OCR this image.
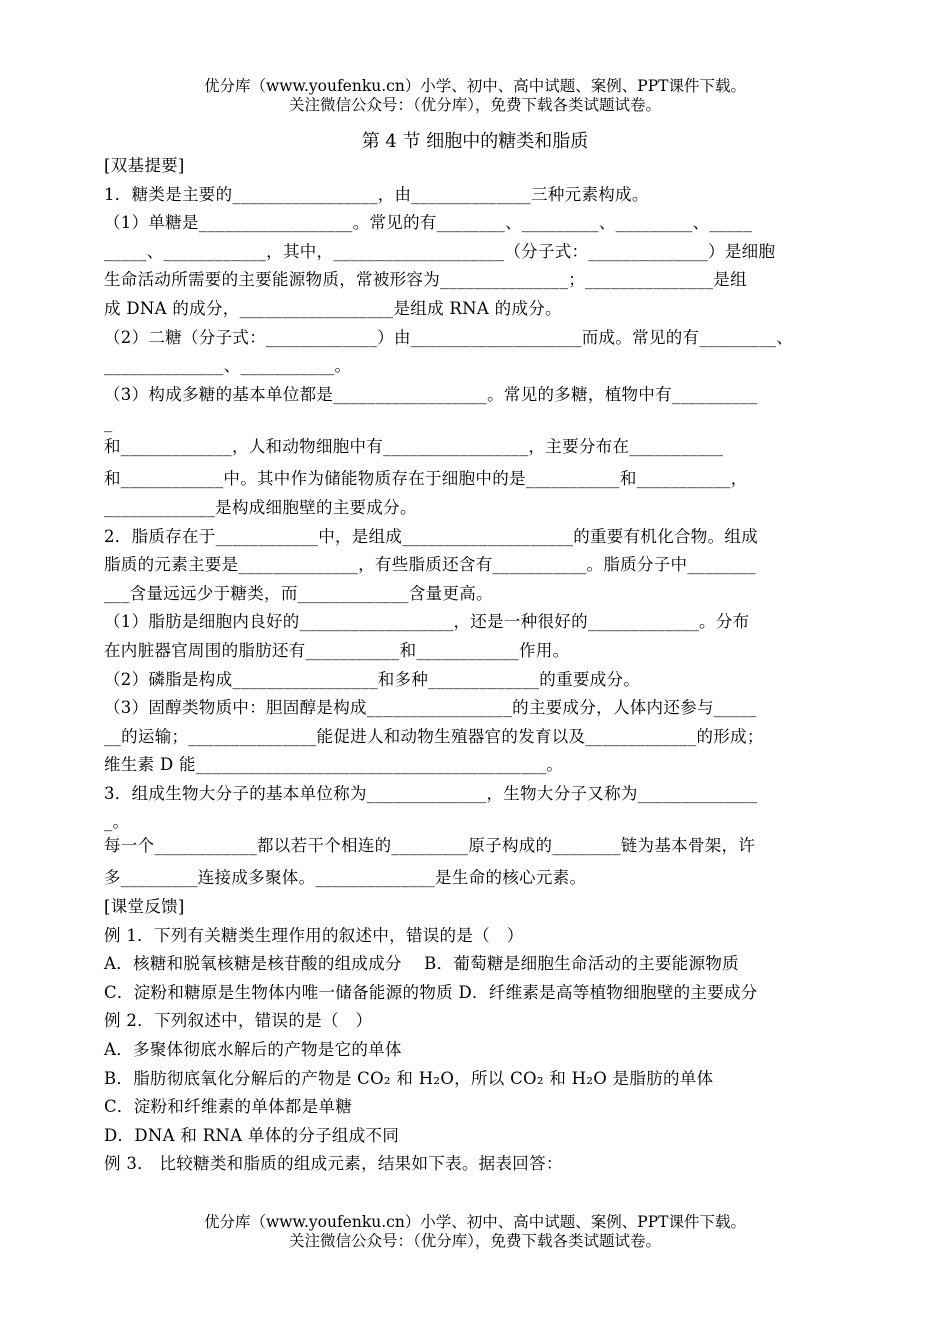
优分库（www.youfenku.cn）小学、初中、高中试题、案例、PPT课件下载。
关注微信公众号：（优分库），免费下载各类试题试卷。
第 4 节 细胞中的糖类和脂质
[双基提要]
1．糖类是主要的_________________，由______________三种元素构成。
（1）单糖是__________________。常见的有________、_________、_________、_____
_____、____________，其中，____________________（分子式：______________）是细胞
生命活动所需要的主要能源物质，常被形容为_______________；_______________是组
成 DNA 的成分，__________________是组成 RNA 的成分。
（2）二糖（分子式：_____________）由____________________而成。常见的有_________、
______________、___________。
（3）构成多糖的基本单位都是__________________。常见的多糖，植物中有__________
_
和_____________，人和动物细胞中有_________________，主要分布在___________
和____________中。其中作为储能物质存在于细胞中的是___________和___________，
_____________是构成细胞壁的主要成分。
2．脂质存在于____________中，是组成____________________的重要有机化合物。组成
脂质的元素主要是______________，有些脂质还含有___________。脂质分子中________
___含量远远少于糖类，而_____________含量更高。
（1）脂肪是细胞内良好的__________________，还是一种很好的_____________。分布
在内脏器官周围的脂肪还有___________和____________作用。
（2）磷脂是构成_________________和多种_____________的重要成分。
（3）固醇类物质中：胆固醇是构成_________________的主要成分，人体内还参与_____
__的运输；_______________能促进人和动物生殖器官的发育以及_____________的形成；
维生素 D 能_________________________________________。
3．组成生物大分子的基本单位称为______________，生物大分子又称为______________
_。
每一个____________都以若干个相连的_________原子构成的________链为基本骨架，许
多_________连接成多聚体。______________是生命的核心元素。
[课堂反馈]
例 1．下列有关糖类生理作用的叙述中，错误的是（　）
A．核糖和脱氧核糖是核苷酸的组成成分　 B．葡萄糖是细胞生命活动的主要能源物质
C．淀粉和糖原是生物体内唯一储备能源的物质 D．纤维素是高等植物细胞壁的主要成分
例 2．下列叙述中，错误的是（　）
A．多聚体彻底水解后的产物是它的单体
B．脂肪彻底氧化分解后的产物是 CO₂ 和 H₂O，所以 CO₂ 和 H₂O 是脂肪的单体
C．淀粉和纤维素的单体都是单糖
D．DNA 和 RNA 单体的分子组成不同
例 3． 比较糖类和脂质的组成元素，结果如下表。据表回答：
优分库（www.youfenku.cn）小学、初中、高中试题、案例、PPT课件下载。
关注微信公众号：（优分库），免费下载各类试题试卷。
